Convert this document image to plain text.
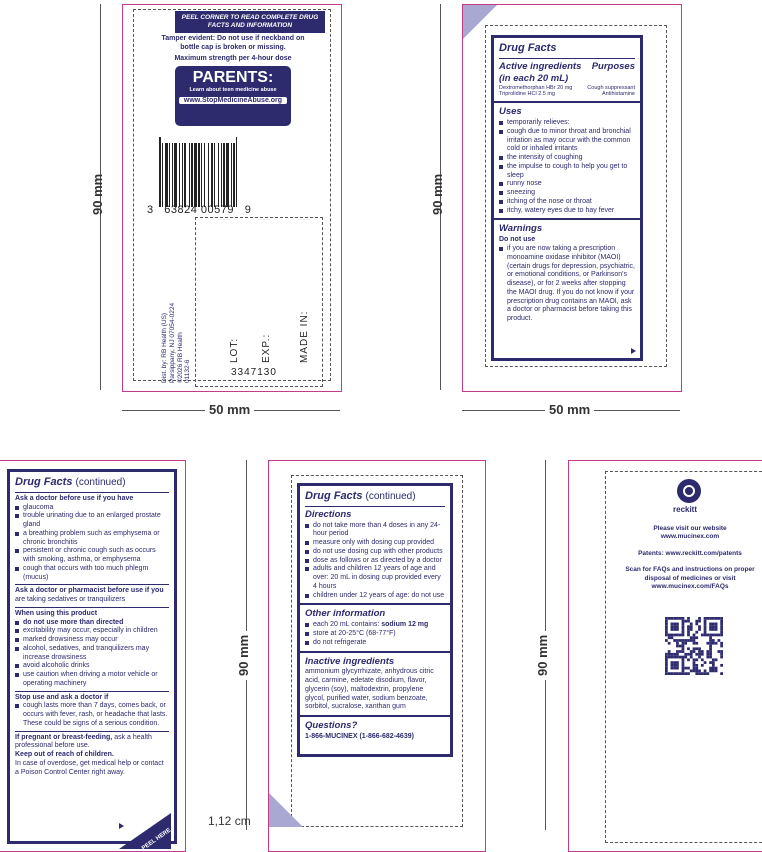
90 mm
50 mm
PEEL CORNER TO READ COMPLETE DRUG FACTS AND INFORMATION
Tamper evident: Do not use if neckband on bottle cap is broken or missing.
Maximum strength per 4-hour dose
PARENTS:
Learn about teen medicine abuse
www.StopMedicineAbuse.org
3   63824 00579   9
Dist. by: RB Health (US) Parsippany, NJ 07054-0224 ©2026 RB Health 01132-6
LOT: EXP.:	MADE IN:
3347130
90 mm
50 mm
Drug Facts
Active ingredients (in each 20 mL)
Purposes
Dextromethorphan HBr 20 mg	Cough suppressant
Triprolidine HCl 2.5 mg	Antihistamine
Uses
temporarily relieves:
cough due to minor throat and bronchial irritation as may occur with the common cold or inhaled irritants
the intensity of coughing
the impulse to cough to help you get to sleep
runny nose
sneezing
itching of the nose or throat
itchy, watery eyes due to hay fever
Warnings
Do not use
if you are now taking a prescription monoamine oxidase inhibitor (MAOI) (certain drugs for depression, psychiatric, or emotional conditions, or Parkinson's disease), or for 2 weeks after stopping the MAOI drug. If you do not know if your prescription drug contains an MAOI, ask a doctor or pharmacist before taking this product.
Drug Facts (continued)
Ask a doctor before use if you have
glaucoma
trouble urinating due to an enlarged prostate gland
a breathing problem such as emphysema or chronic bronchitis
persistent or chronic cough such as occurs with smoking, asthma, or emphysema
cough that occurs with too much phlegm (mucus)
Ask a doctor or pharmacist before use if you
are taking sedatives or tranquilizers
When using this product
do not use more than directed
excitability may occur, especially in children
marked drowsiness may occur
alcohol, sedatives, and tranquilizers may increase drowsiness
avoid alcoholic drinks
use caution when driving a motor vehicle or operating machinery
Stop use and ask a doctor if
cough lasts more than 7 days, comes back, or occurs with fever, rash, or headache that lasts. These could be signs of a serious condition.
If pregnant or breast-feeding, ask a health professional before use.
Keep out of reach of children.
In case of overdose, get medical help or contact a Poison Control Center right away.
PEEL HERE
90 mm
1,12 cm
Drug Facts (continued)
Directions
do not take more than 4 doses in any 24-hour period
measure only with dosing cup provided
do not use dosing cup with other products
dose as follows or as directed by a doctor
adults and children 12 years of age and over: 20 mL in dosing cup provided every 4 hours
children under 12 years of age: do not use
Other information
each 20 mL contains: sodium 12 mg
store at 20-25°C (68-77°F)
do not refrigerate
Inactive ingredients
ammonium glycyrrhizate, anhydrous citric acid, carmine, edetate disodium, flavor, glycerin (soy), maltodextrin, propylene glycol, purified water, sodium benzoate, sorbitol, sucralose, xanthan gum
Questions?
1-866-MUCINEX (1-866-682-4639)
90 mm
reckitt
Please visit our website
www.mucinex.com
Patents: www.reckitt.com/patents
Scan for FAQs and instructions on proper disposal of medicines or visit
www.mucinex.com/FAQs
